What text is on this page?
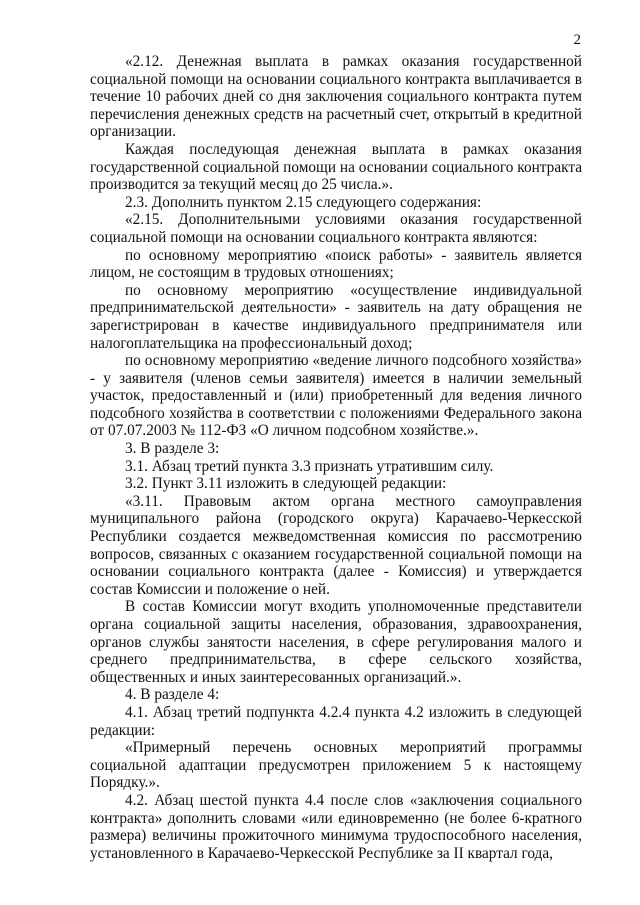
2

«2.12. Денежная выплата в рамках оказания государственной социальной помощи на основании социального контракта выплачивается в течение 10 рабочих дней со дня заключения социального контракта путем перечисления денежных средств на расчетный счет, открытый в кредитной организации.

Каждая последующая денежная выплата в рамках оказания государственной социальной помощи на основании социального контракта производится за текущий месяц до 25 числа.».

2.3. Дополнить пунктом 2.15 следующего содержания:

«2.15. Дополнительными условиями оказания государственной социальной помощи на основании социального контракта являются:

по основному мероприятию «поиск работы» - заявитель является лицом, не состоящим в трудовых отношениях;

по основному мероприятию «осуществление индивидуальной предпринимательской деятельности» - заявитель на дату обращения не зарегистрирован в качестве индивидуального предпринимателя или налогоплательщика на профессиональный доход;

по основному мероприятию «ведение личного подсобного хозяйства» - у заявителя (членов семьи заявителя) имеется в наличии земельный участок, предоставленный и (или) приобретенный для ведения личного подсобного хозяйства в соответствии с положениями Федерального закона от 07.07.2003 № 112-ФЗ «О личном подсобном хозяйстве.».

3. В разделе 3:

3.1. Абзац третий пункта 3.3 признать утратившим силу.

3.2. Пункт 3.11 изложить в следующей редакции:

«3.11. Правовым актом органа местного самоуправления муниципального района (городского округа) Карачаево-Черкесской Республики создается межведомственная комиссия по рассмотрению вопросов, связанных с оказанием государственной социальной помощи на основании социального контракта (далее - Комиссия) и утверждается состав Комиссии и положение о ней.

В состав Комиссии могут входить уполномоченные представители органа социальной защиты населения, образования, здравоохранения, органов службы занятости населения, в сфере регулирования малого и среднего предпринимательства, в сфере сельского хозяйства, общественных и иных заинтересованных организаций.».

4. В разделе 4:

4.1. Абзац третий подпункта 4.2.4 пункта 4.2 изложить в следующей редакции:

«Примерный перечень основных мероприятий программы социальной адаптации предусмотрен приложением 5 к настоящему Порядку.».

4.2. Абзац шестой пункта 4.4 после слов «заключения социального контракта» дополнить словами «или единовременно (не более 6-кратного размера) величины прожиточного минимума трудоспособного населения, установленного в Карачаево-Черкесской Республике за II квартал года,
